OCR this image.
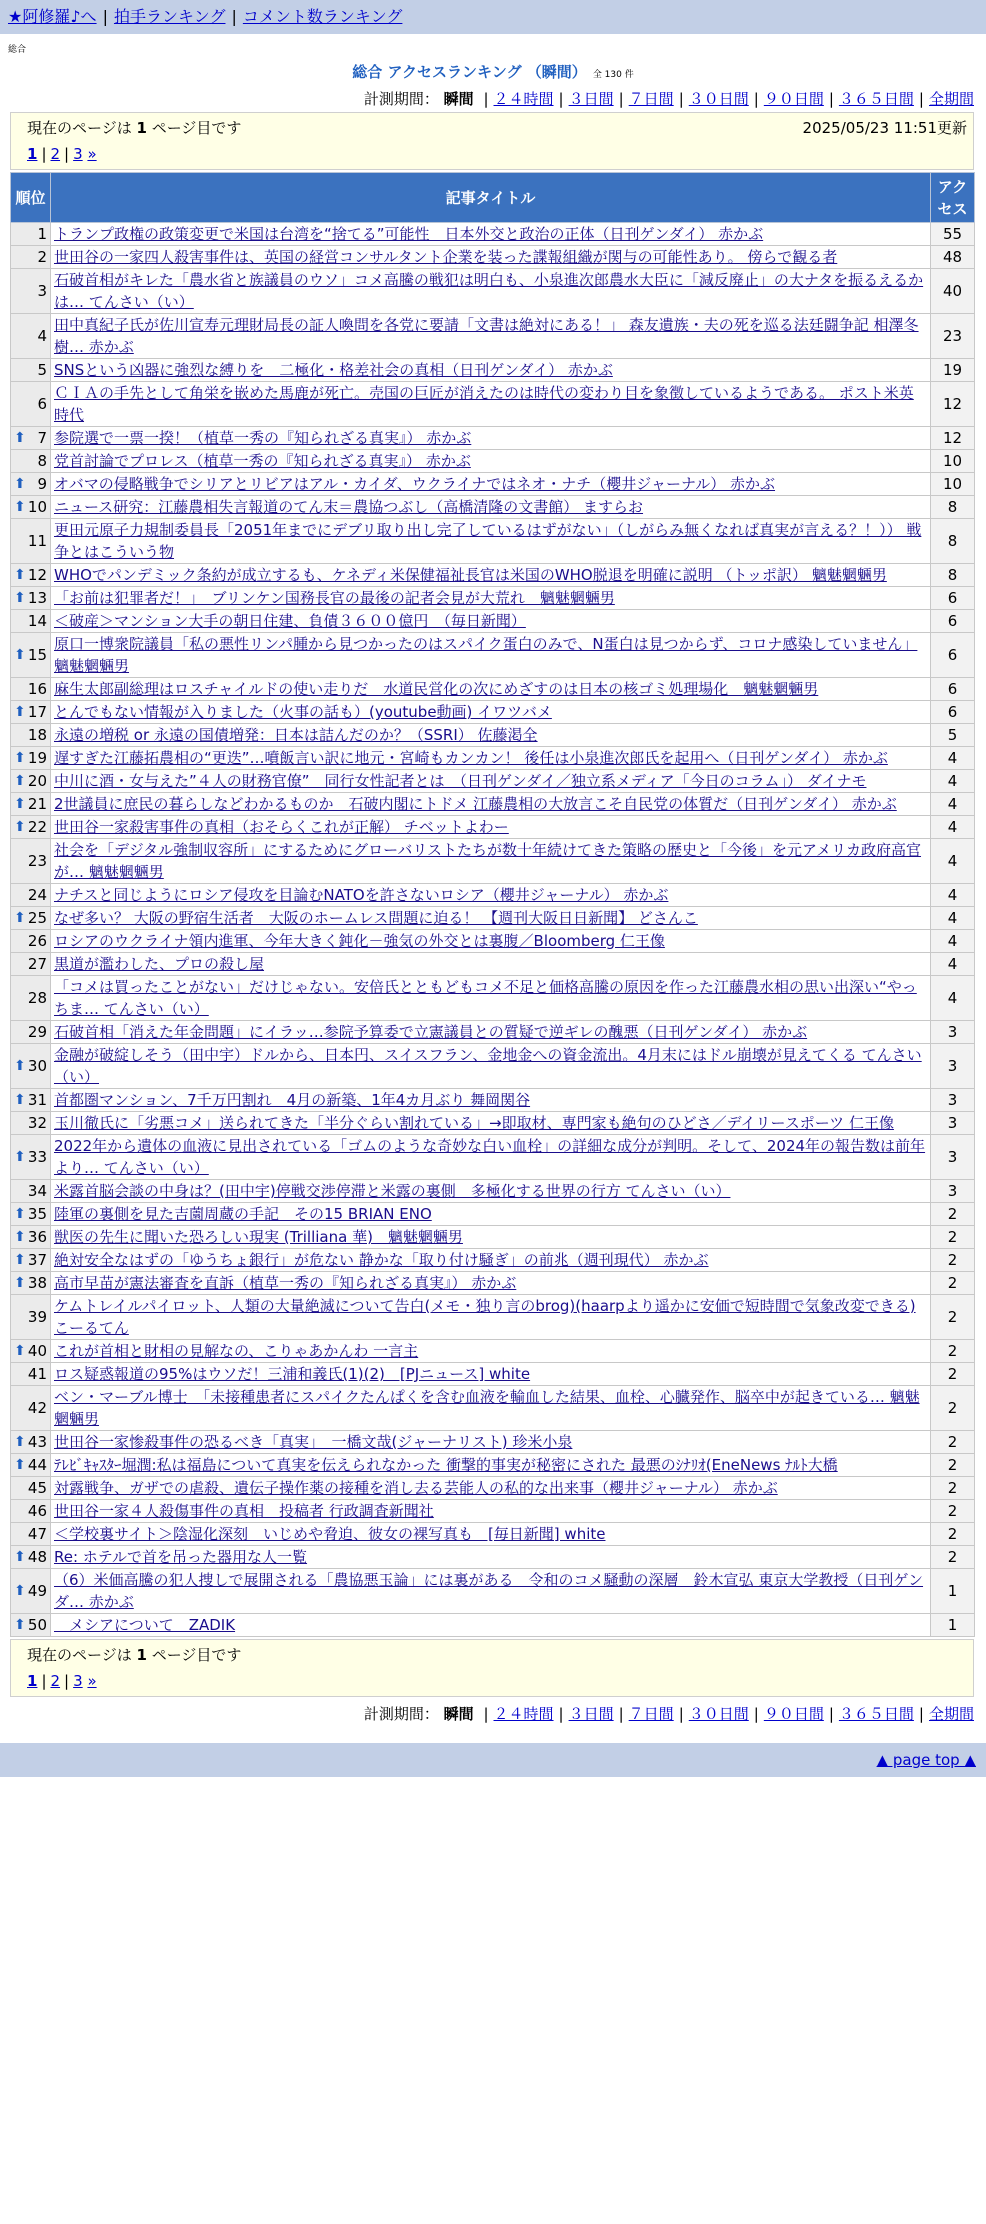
★阿修羅♪へ | 拍手ランキング | コメント数ランキング
総合
総合 アクセスランキング （瞬間） 全 130 件
計測期間： 瞬間 | ２４時間 | ３日間 | ７日間 | ３０日間 | ９０日間 | ３６５日間 | 全期間
現在のページは 1 ページ目です	2025/05/23 11:51更新
1 | 2 | 3 »
順位	記事タイトル	アクセス

1	トランプ政権の政策変更で米国は台湾を“捨てる”可能性　日本外交と政治の正体（日刊ゲンダイ） 赤かぶ	55
2	世田谷の一家四人殺害事件は、英国の経営コンサルタント企業を装った諜報組織が関与の可能性あり。 傍らで観る者	48
3	石破首相がキレた「農水省と族議員のウソ」コメ高騰の戦犯は明白も、小泉進次郎農水大臣に「減反廃止」の大ナタを振るえるかは… てんさい（い）	40
4	田中真紀子氏が佐川宣寿元理財局長の証人喚問を各党に要請「文書は絶対にある！」 森友遺族・夫の死を巡る法廷闘争記 相澤冬樹… 赤かぶ	23
5	SNSという凶器に強烈な縛りを　二極化・格差社会の真相（日刊ゲンダイ） 赤かぶ	19
6	ＣＩＡの手先として角栄を嵌めた馬鹿が死亡。売国の巨匠が消えたのは時代の変わり目を象徴しているようである。 ポスト米英時代	12

⬆ 7	参院選で一票一揆！（植草一秀の『知られざる真実』） 赤かぶ	12
8	党首討論でプロレス（植草一秀の『知られざる真実』） 赤かぶ	10

⬆ 9	オバマの侵略戦争でシリアとリビアはアル・カイダ、ウクライナではネオ・ナチ（櫻井ジャーナル） 赤かぶ	10

⬆ 10	ニュース研究：江藤農相失言報道のてん末＝農協つぶし（高橋清隆の文書館） ますらお	8
11	更田元原子力規制委員長「2051年までにデブリ取り出し完了しているはずがない」（しがらみ無くなれば真実が言える？！）） 戦争とはこういう物	8

⬆ 12	WHOでパンデミック条約が成立するも、ケネディ米保健福祉長官は米国のWHO脱退を明確に説明 （トッポ訳） 魑魅魍魎男	8

⬆ 13	「お前は犯罪者だ！」　ブリンケン国務長官の最後の記者会見が大荒れ　魑魅魍魎男	6
14	＜破産＞マンション大手の朝日住建、負債３６００億円　（毎日新聞）	6

⬆ 15	原口一博衆院議員「私の悪性リンパ腫から見つかったのはスパイク蛋白のみで、N蛋白は見つからず、コロナ感染していません」 魑魅魍魎男	6
16	麻生太郎副総理はロスチャイルドの使い走りだ　水道民営化の次にめざすのは日本の核ゴミ処理場化　魑魅魍魎男	6

⬆ 17	とんでもない情報が入りました（火事の話も）(youtube動画) イワツバメ	6
18	永遠の増税 or 永遠の国債増発：日本は詰んだのか？（SSRI） 佐藤渇全	5

⬆ 19	遅すぎた江藤拓農相の“更迭”…噴飯言い訳に地元・宮崎もカンカン！ 後任は小泉進次郎氏を起用へ（日刊ゲンダイ） 赤かぶ	4

⬆ 20	中川に酒・女与えた”４人の財務官僚”　同行女性記者とは　（日刊ゲンダイ／独立系メディア「今日のコラム」） ダイナモ	4

⬆ 21	2世議員に庶民の暮らしなどわかるものか　石破内閣にトドメ 江藤農相の大放言こそ自民党の体質だ（日刊ゲンダイ） 赤かぶ	4

⬆ 22	世田谷一家殺害事件の真相（おそらくこれが正解） チベットよわー	4
23	社会を「デジタル強制収容所」にするためにグローバリストたちが数十年続けてきた策略の歴史と「今後」を元アメリカ政府高官が… 魑魅魍魎男	4
24	ナチスと同じようにロシア侵攻を目論むNATOを許さないロシア（櫻井ジャーナル） 赤かぶ	4

⬆ 25	なぜ多い？ 大阪の野宿生活者　大阪のホームレス問題に迫る！ 【週刊大阪日日新聞】 どさんこ	4
26	ロシアのウクライナ領内進軍、今年大きく鈍化－強気の外交とは裏腹／Bloomberg 仁王像	4
27	黒道が濫わした、プロの殺し屋	4
28	「コメは買ったことがない」だけじゃない。安倍氏とともどもコメ不足と価格高騰の原因を作った江藤農水相の思い出深い“やっちま… てんさい（い）	4
29	石破首相「消えた年金問題」にイラッ…参院予算委で立憲議員との質疑で逆ギレの醜悪（日刊ゲンダイ） 赤かぶ	3

⬆ 30	金融が破綻しそう（田中宇）ドルから、日本円、スイスフラン、金地金への資金流出。4月末にはドル崩壊が見えてくる てんさい（い）	3

⬆ 31	首都圏マンション、7千万円割れ　4月の新築、1年4カ月ぶり 舞岡関谷	3
32	玉川徹氏に「劣悪コメ」送られてきた「半分ぐらい割れている」→即取材、専門家も絶句のひどさ／デイリースポーツ 仁王像	3

⬆ 33	2022年から遺体の血液に見出されている「ゴムのような奇妙な白い血栓」の詳細な成分が判明。そして、2024年の報告数は前年より… てんさい（い）	3
34	米露首脳会談の中身は？(田中宇)停戦交渉停滞と米露の裏側　多極化する世界の行方 てんさい（い）	3

⬆ 35	陸軍の裏側を見た吉薗周蔵の手記　その15 BRIAN ENO	2

⬆ 36	獣医の先生に聞いた恐ろしい現実 (Trilliana 華)　魑魅魍魎男	2

⬆ 37	絶対安全なはずの「ゆうちょ銀行」が危ない 静かな「取り付け騒ぎ」の前兆（週刊現代） 赤かぶ	2

⬆ 38	高市早苗が憲法審査を直訴（植草一秀の『知られざる真実』） 赤かぶ	2
39	ケムトレイルパイロット、人類の大量絶滅について告白(メモ・独り言のbrog)(haarpより遥かに安価で短時間で気象改変できる) こーるてん	2

⬆ 40	これが首相と財相の見解なの、こりゃあかんわ 一言主	2
41	ロス疑惑報道の95%はウソだ！三浦和義氏(1)(2)　[PJニュース] white	2
42	ベン・マーブル博士　「未接種患者にスパイクたんぱくを含む血液を輸血した結果、血栓、心臓発作、脳卒中が起きている… 魑魅魍魎男	2

⬆ 43	世田谷一家惨殺事件の恐るべき「真実」　一橋文哉(ジャーナリスト) 珍米小泉	2

⬆ 44	ﾃﾚﾋﾞｷｬｽﾀｰ堀潤:私は福島について真実を伝えられなかった 衝撃的事実が秘密にされた 最悪のｼﾅﾘｵ(EneNews ﾅﾙﾄ大橋	2
45	対露戦争、ガザでの虐殺、遺伝子操作薬の接種を消し去る芸能人の私的な出来事（櫻井ジャーナル） 赤かぶ	2
46	世田谷一家４人殺傷事件の真相　投稿者 行政調査新聞社	2
47	＜学校裏サイト＞陰湿化深刻　いじめや脅迫、彼女の裸写真も　[毎日新聞] white	2

⬆ 48	Re: ホテルで首を吊った器用な人一覧	2

⬆ 49	（6）米価高騰の犯人捜しで展開される「農協悪玉論」には裏がある　令和のコメ騒動の深層　鈴木宣弘 東京大学教授（日刊ゲンダ… 赤かぶ	1

⬆ 50	　メシアについて　ZADIK	1
現在のページは 1 ページ目です
1 | 2 | 3 »
計測期間： 瞬間 | ２４時間 | ３日間 | ７日間 | ３０日間 | ９０日間 | ３６５日間 | 全期間
▲ page top ▲
